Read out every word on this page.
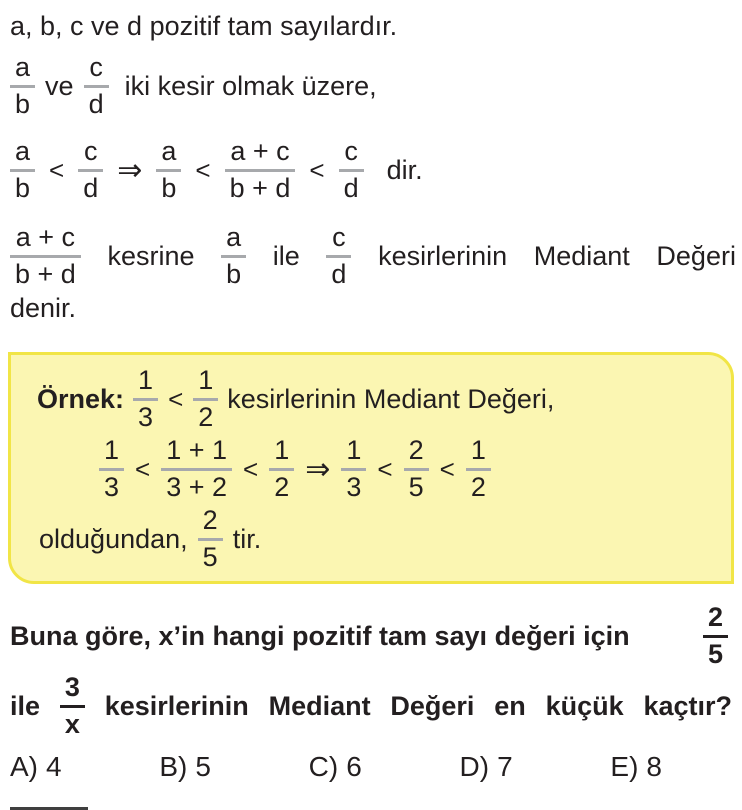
a, b, c ve d pozitif tam sayılardır.

$\frac{a}{b}$ ve $\frac{c}{d}$ iki kesir olmak üzere,
$\frac{a}{b} < \frac{c}{d}$ ⇒ $\frac{a}{b} < \frac{a + c}{b + d} < \frac{c}{d}$ dir.
$\frac{a + c}{b + d}$ kesrine $\frac{a}{b}$ ile $\frac{c}{d}$ kesirlerinin Mediant Değeri

denir.

Örnek: $\frac{1}{3} < \frac{1}{2}$ kesirlerinin Mediant Değeri,
$\frac{1}{3} < \frac{1 + 1}{3 + 2} < \frac{1}{2}$ ⇒ $\frac{1}{3} < \frac{2}{5} < \frac{1}{2}$
olduğundan, $\frac{2}{5}$ tir.
Buna göre, x’in hangi pozitif tam sayı değeri için	$\frac{2}{5}$
ile $\frac{3}{x}$ kesirlerinin Mediant Değeri en küçük kaçtır?
A) 4	B) 5	C) 6	D) 7	E) 8
